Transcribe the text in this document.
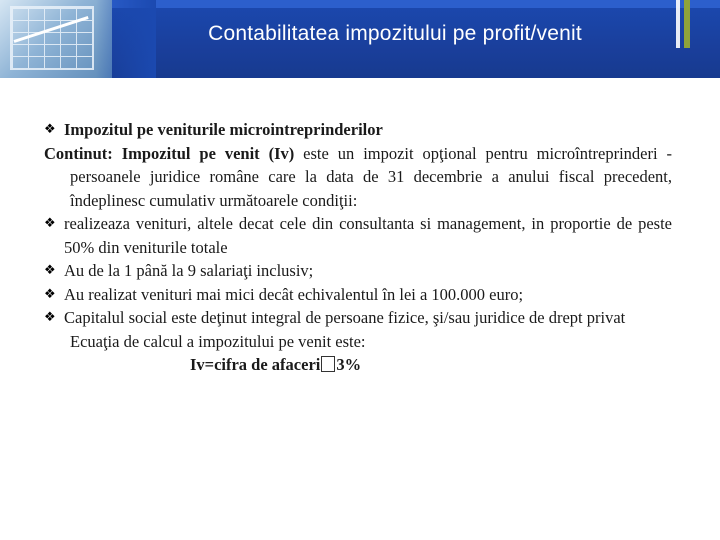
Contabilitatea impozitului pe profit/venit
❖ Impozitul pe veniturile microintreprinderilor

Continut: Impozitul pe venit (Iv) este un impozit opţional pentru microîntreprinderi - persoanele juridice române care la data de 31 decembrie a anului fiscal precedent, îndeplinesc cumulativ următoarele condiţii:

❖ realizeaza venituri, altele decat cele din consultanta si management, in proportie de peste 50% din veniturile totale
❖ Au de la 1 până la 9 salariaţi inclusiv;
❖ Au realizat venituri mai mici decât echivalentul în lei a 100.000 euro;
❖ Capitalul social este deţinut integral de persoane fizice, şi/sau juridice de drept privat

Ecuaţia de calcul a impozitului pe venit este:

Iv=cifra de afaceri 3%
